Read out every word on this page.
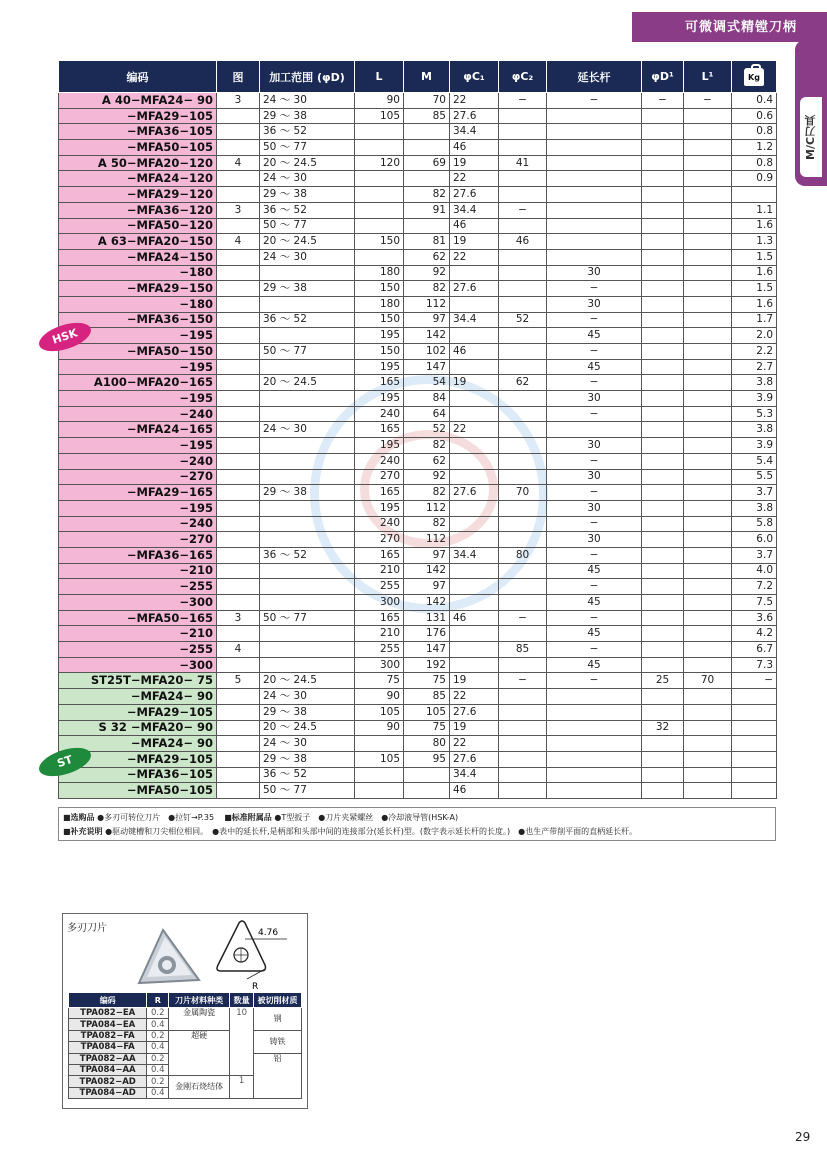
可微调式精镗刀柄
M/C刀具
编码	图	加工范围 (φD)	L	M	φC₁	φC₂	延长杆	φD¹	L¹	Kg
A 40−MFA24− 90	3	24 ～ 30	90	70	22	−	−	−	−	0.4
−MFA29−105		29 ～ 38	105	85	27.6					0.6
−MFA36−105		36 ～ 52			34.4					0.8
−MFA50−105		50 ～ 77			46					1.2
A 50−MFA20−120	4	20 ～ 24.5	120	69	19	41				0.8
−MFA24−120		24 ～ 30			22					0.9
−MFA29−120		29 ～ 38		82	27.6					
−MFA36−120	3	36 ～ 52		91	34.4	−				1.1
−MFA50−120		50 ～ 77			46					1.6
A 63−MFA20−150	4	20 ～ 24.5	150	81	19	46				1.3
−MFA24−150		24 ～ 30		62	22					1.5
−180			180	92			30			1.6
−MFA29−150		29 ～ 38	150	82	27.6		−			1.5
−180			180	112			30			1.6
−MFA36−150		36 ～ 52	150	97	34.4	52	−			1.7
−195			195	142			45			2.0
−MFA50−150		50 ～ 77	150	102	46		−			2.2
−195			195	147			45			2.7
A100−MFA20−165		20 ～ 24.5	165	54	19	62	−			3.8
−195			195	84			30			3.9
−240			240	64			−			5.3
−MFA24−165		24 ～ 30	165	52	22					3.8
−195			195	82			30			3.9
−240			240	62			−			5.4
−270			270	92			30			5.5
−MFA29−165		29 ～ 38	165	82	27.6	70	−			3.7
−195			195	112			30			3.8
−240			240	82			−			5.8
−270			270	112			30			6.0
−MFA36−165		36 ～ 52	165	97	34.4	80	−			3.7
−210			210	142			45			4.0
−255			255	97			−			7.2
−300			300	142			45			7.5
−MFA50−165	3	50 ～ 77	165	131	46	−	−			3.6
−210			210	176			45			4.2
−255	4		255	147		85	−			6.7
−300			300	192			45			7.3
ST25T−MFA20− 75	5	20 ～ 24.5	75	75	19	−	−	25	70	−
−MFA24− 90		24 ～ 30	90	85	22					
−MFA29−105		29 ～ 38	105	105	27.6					
S 32 −MFA20− 90		20 ～ 24.5	90	75	19			32		
−MFA24− 90		24 ～ 30		80	22					
−MFA29−105		29 ～ 38	105	95	27.6					
−MFA36−105		36 ～ 52			34.4					
−MFA50−105		50 ～ 77			46					
HSK
ST
■选购品 ●多刃可转位刀片　●拉钉→P.35 ■标准附属品 ●T型扳子　●刀片夹紧螺丝　●冷却液导管(HSK-A)
■补充说明 ●驱动键槽和刀尖相位相同。　●表中的延长杆,是柄部和头部中间的连接部分(延长杆)型。(数字表示延长杆的长度。)　●也生产带削平面的直柄延长杆。
多刃刀片	4.76
R
编码	R	刀片材料种类	数量	被切削材质
TPA082−EA	0.2	金属陶瓷	10	钢
TPA084−EA	0.4			
TPA082−FA	0.2	超硬		铸铁
TPA084−FA	0.4			
TPA082−AA	0.2			铝
TPA084−AA	0.4			
TPA082−AD	0.2	金刚石烧结体	1	
TPA084−AD	0.4			
29
